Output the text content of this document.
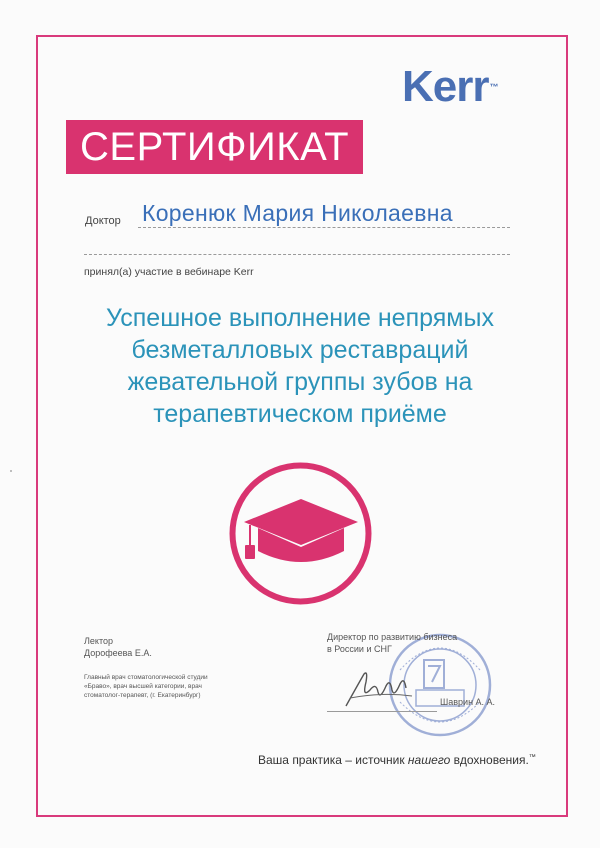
Kerr™
СЕРТИФИКАТ
Доктор Коренюк Мария Николаевна
принял(а) участие в вебинаре Kerr
Успешное выполнение непрямых
безметалловых реставраций
жевательной группы зубов на
терапевтическом приёме
Лектор
Дорофеева Е.А.
Главный врач стоматологической студии
«Браво», врач высшей категории, врач
стоматолог-терапевт, (г. Екатеринбург)
Директор по развитию бизнеса
в России и СНГ
Шаврин А. А.
Ваша практика – источник нашего вдохновения.™
